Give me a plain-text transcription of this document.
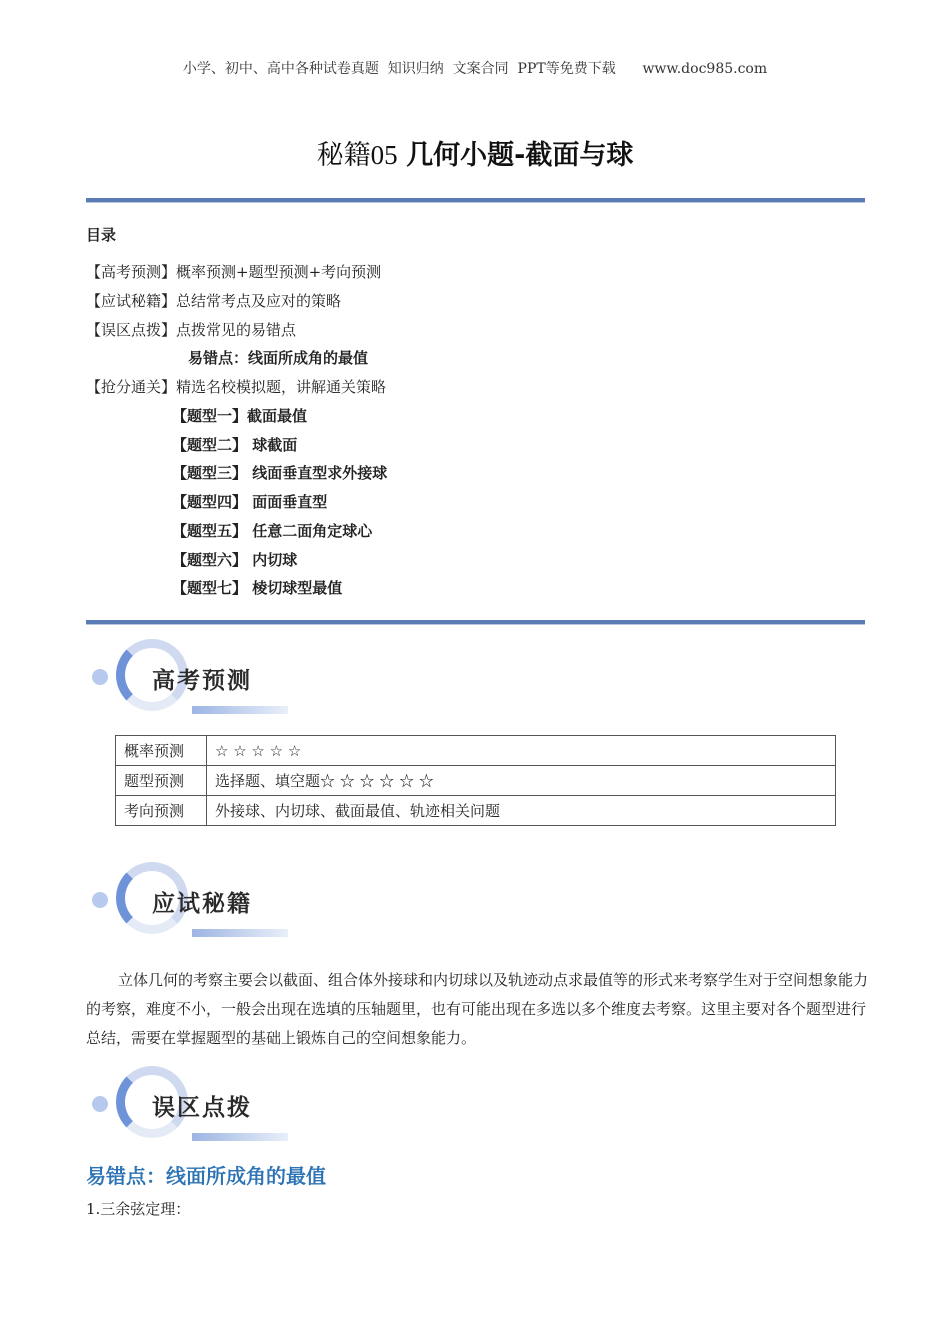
小学、初中、高中各种试卷真题  知识归纳  文案合同  PPT等免费下载      www.doc985.com
秘籍05 几何小题-截面与球
目录
【高考预测】概率预测+题型预测+考向预测
【应试秘籍】总结常考点及应对的策略
【误区点拨】点拨常见的易错点
易错点：线面所成角的最值
【抢分通关】精选名校模拟题，讲解通关策略
【题型一】截面最值
【题型二】 球截面
【题型三】 线面垂直型求外接球
【题型四】 面面垂直型
【题型五】 任意二面角定球心
【题型六】 内切球
【题型七】 棱切球型最值
高考预测
概率预测	☆ ☆ ☆ ☆ ☆
题型预测	选择题、填空题☆ ☆ ☆ ☆ ☆ ☆
考向预测	外接球、内切球、截面最值、轨迹相关问题
应试秘籍
立体几何的考察主要会以截面、组合体外接球和内切球以及轨迹动点求最值等的形式来考察学生对于空间想象能力的考察，难度不小，一般会出现在选填的压轴题里，也有可能出现在多选以多个维度去考察。这里主要对各个题型进行总结，需要在掌握题型的基础上锻炼自己的空间想象能力。
误区点拨
易错点：线面所成角的最值
1.三余弦定理：
